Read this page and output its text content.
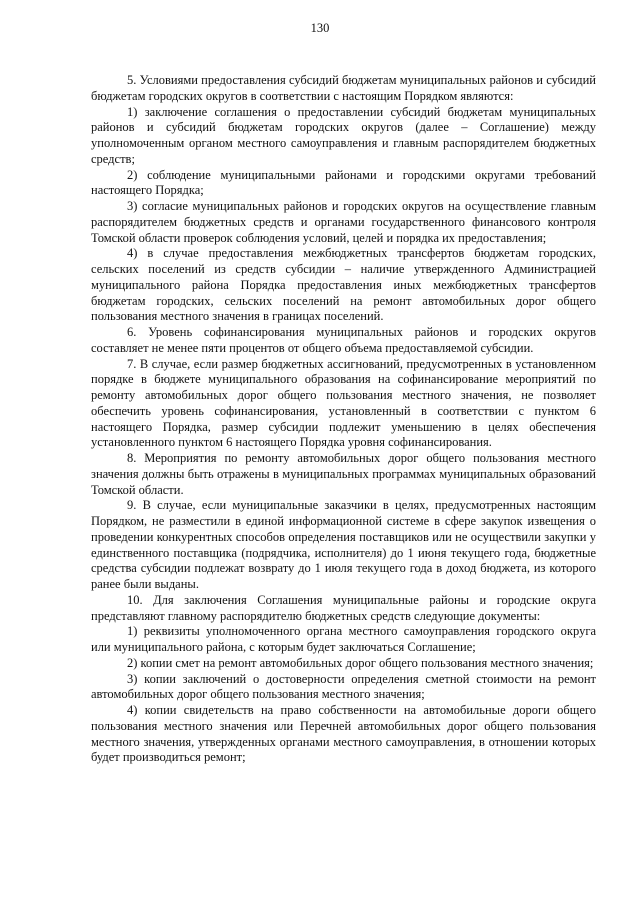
130

5. Условиями предоставления субсидий бюджетам муниципальных районов и субсидий бюджетам городских округов в соответствии с настоящим Порядком являются:

1) заключение соглашения о предоставлении субсидий бюджетам муниципальных районов и субсидий бюджетам городских округов (далее – Соглашение) между уполномоченным органом местного самоуправления и главным распорядителем бюджетных средств;

2) соблюдение муниципальными районами и городскими округами требований настоящего Порядка;

3) согласие муниципальных районов и городских округов на осуществление главным распорядителем бюджетных средств и органами государственного финансового контроля Томской области проверок соблюдения условий, целей и порядка их предоставления;

4) в случае предоставления межбюджетных трансфертов бюджетам городских, сельских поселений из средств субсидии – наличие утвержденного Администрацией муниципального района Порядка предоставления иных межбюджетных трансфертов бюджетам городских, сельских поселений на ремонт автомобильных дорог общего пользования местного значения в границах поселений.

6. Уровень софинансирования муниципальных районов и городских округов составляет не менее пяти процентов от общего объема предоставляемой субсидии.

7. В случае, если размер бюджетных ассигнований, предусмотренных в установленном порядке в бюджете муниципального образования на софинансирование мероприятий по ремонту автомобильных дорог общего пользования местного значения, не позволяет обеспечить уровень софинансирования, установленный в соответствии с пунктом 6 настоящего Порядка, размер субсидии подлежит уменьшению в целях обеспечения установленного пунктом 6 настоящего Порядка уровня софинансирования.

8. Мероприятия по ремонту автомобильных дорог общего пользования местного значения должны быть отражены в муниципальных программах муниципальных образований Томской области.

9. В случае, если муниципальные заказчики в целях, предусмотренных настоящим Порядком, не разместили в единой информационной системе в сфере закупок извещения о проведении конкурентных способов определения поставщиков или не осуществили закупки у единственного поставщика (подрядчика, исполнителя) до 1 июня текущего года, бюджетные средства субсидии подлежат возврату до 1 июля текущего года в доход бюджета, из которого ранее были выданы.

10. Для заключения Соглашения муниципальные районы и городские округа представляют главному распорядителю бюджетных средств следующие документы:

1) реквизиты уполномоченного органа местного самоуправления городского округа или муниципального района, с которым будет заключаться Соглашение;

2) копии смет на ремонт автомобильных дорог общего пользования местного значения;

3) копии заключений о достоверности определения сметной стоимости на ремонт автомобильных дорог общего пользования местного значения;

4) копии свидетельств на право собственности на автомобильные дороги общего пользования местного значения или Перечней автомобильных дорог общего пользования местного значения, утвержденных органами местного самоуправления, в отношении которых будет производиться ремонт;
